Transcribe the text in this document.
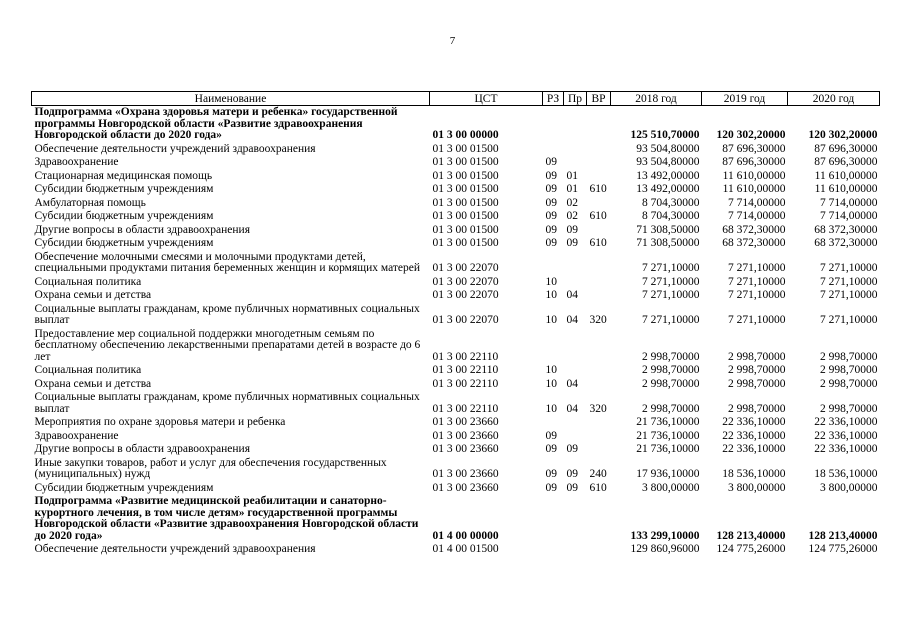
7
Наименование	ЦСТ	РЗ	Пр	ВР	2018 год	2019 год	2020 год
Подпрограмма «Охрана здоровья матери и ребенка» государственной программы Новгородской области «Развитие здравоохранения Новгородской области до 2020 года»	01 3 00 00000				125 510,70000	120 302,20000	120 302,20000
Обеспечение деятельности учреждений здравоохранения	01 3 00 01500				93 504,80000	87 696,30000	87 696,30000
Здравоохранение	01 3 00 01500	09			93 504,80000	87 696,30000	87 696,30000
Стационарная медицинская помощь	01 3 00 01500	09	01		13 492,00000	11 610,00000	11 610,00000
Субсидии бюджетным учреждениям	01 3 00 01500	09	01	610	13 492,00000	11 610,00000	11 610,00000
Амбулаторная помощь	01 3 00 01500	09	02		8 704,30000	7 714,00000	7 714,00000
Субсидии бюджетным учреждениям	01 3 00 01500	09	02	610	8 704,30000	7 714,00000	7 714,00000
Другие вопросы в области здравоохранения	01 3 00 01500	09	09		71 308,50000	68 372,30000	68 372,30000
Субсидии бюджетным учреждениям	01 3 00 01500	09	09	610	71 308,50000	68 372,30000	68 372,30000
Обеспечение молочными смесями и молочными продуктами детей, специальными продуктами питания беременных женщин и кормящих матерей	01 3 00 22070				7 271,10000	7 271,10000	7 271,10000
Социальная политика	01 3 00 22070	10			7 271,10000	7 271,10000	7 271,10000
Охрана семьи и детства	01 3 00 22070	10	04		7 271,10000	7 271,10000	7 271,10000
Социальные выплаты гражданам, кроме публичных нормативных социальных выплат	01 3 00 22070	10	04	320	7 271,10000	7 271,10000	7 271,10000
Предоставление мер социальной поддержки многодетным семьям по бесплатному обеспечению лекарственными препаратами детей в возрасте до 6 лет	01 3 00 22110				2 998,70000	2 998,70000	2 998,70000
Социальная политика	01 3 00 22110	10			2 998,70000	2 998,70000	2 998,70000
Охрана семьи и детства	01 3 00 22110	10	04		2 998,70000	2 998,70000	2 998,70000
Социальные выплаты гражданам, кроме публичных нормативных социальных выплат	01 3 00 22110	10	04	320	2 998,70000	2 998,70000	2 998,70000
Мероприятия по охране здоровья матери и ребенка	01 3 00 23660				21 736,10000	22 336,10000	22 336,10000
Здравоохранение	01 3 00 23660	09			21 736,10000	22 336,10000	22 336,10000
Другие вопросы в области здравоохранения	01 3 00 23660	09	09		21 736,10000	22 336,10000	22 336,10000
Иные закупки товаров, работ и услуг для обеспечения государственных (муниципальных) нужд	01 3 00 23660	09	09	240	17 936,10000	18 536,10000	18 536,10000
Субсидии бюджетным учреждениям	01 3 00 23660	09	09	610	3 800,00000	3 800,00000	3 800,00000
Подпрограмма «Развитие медицинской реабилитации и санаторно-курортного лечения, в том числе детям» государственной программы Новгородской области «Развитие здравоохранения Новгородской области до 2020 года»	01 4 00 00000				133 299,10000	128 213,40000	128 213,40000
Обеспечение деятельности учреждений здравоохранения	01 4 00 01500				129 860,96000	124 775,26000	124 775,26000
